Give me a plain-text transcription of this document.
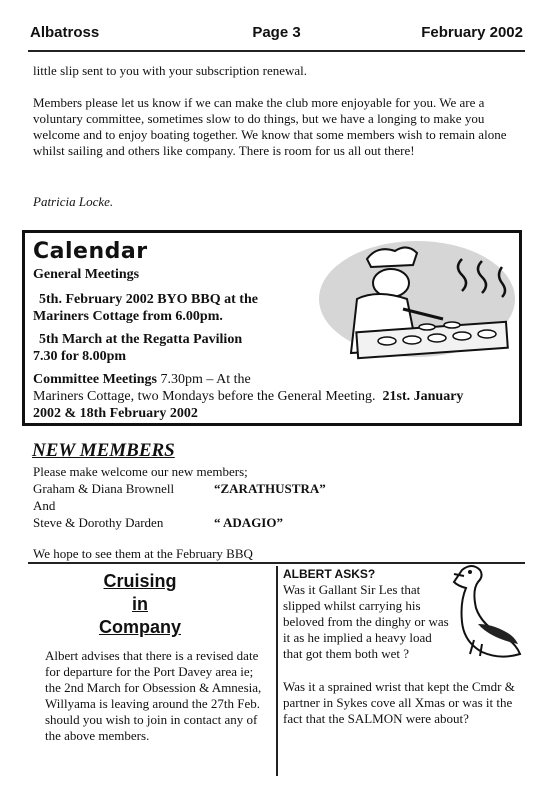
Albatross	Page 3	February 2002
little slip sent to you with your subscription renewal.
Members please let us know if we can make the club more enjoyable for you. We are a voluntary committee, sometimes slow to do things, but we have a longing to make you welcome and to enjoy boating together. We know that some members wish to remain alone whilst sailing and others like company. There is room for us all out there!
Patricia Locke.
Calendar
General Meetings
5th. February 2002 BYO BBQ at the
Mariners Cottage from 6.00pm.
5th March at the Regatta Pavilion
7.30 for 8.00pm
Committee Meetings 7.30pm – At the
Mariners Cottage, two Mondays before the General Meeting. 21st. January
2002 & 18th February 2002
NEW MEMBERS
Please make welcome our new members;
Graham & Diana Brownell	“ZARATHUSTRA”
And
Steve & Dorothy Darden	“ ADAGIO”
We hope to see them at the February BBQ
Cruising
in
Company
Albert advises that there is a revised date for departure for the Port Davey area ie; the 2nd March for Obsession & Amnesia, Willyama is leaving around the 27th Feb. should you wish to join in contact any of the above members.
ALBERT ASKS?
Was it Gallant Sir Les that slipped whilst carrying his beloved from the dinghy or was it as he implied a heavy load that got them both wet ?
Was it a sprained wrist that kept the Cmdr & partner in Sykes cove all Xmas or was it the fact that the SALMON were about?
